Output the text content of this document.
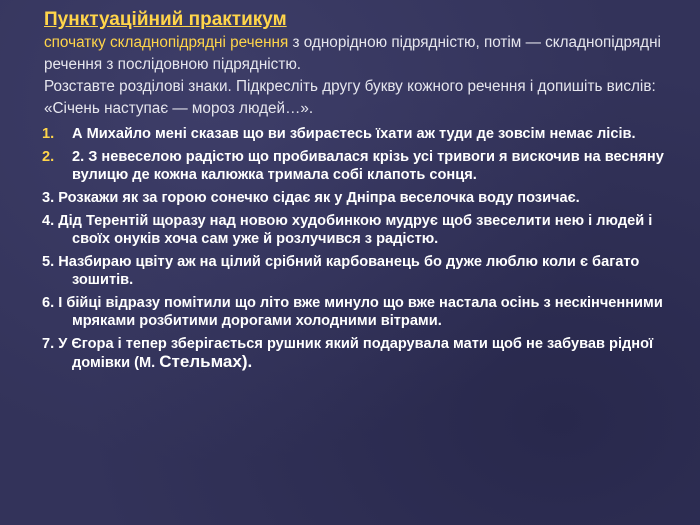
Пунктуаційний практикум
спочатку складнопідрядні речення з однорідною підрядністю, потім — складнопідрядні речення з послідовною підрядністю.
Розставте розділові знаки. Підкресліть другу букву кожного речення і допишіть вислів: «Січень наступає — мороз людей…».
1. А Михайло мені сказав що ви збираєтесь їхати аж туди де зовсім немає лісів.
2. 2. З невеселою радістю що пробивалася крізь усі тривоги я вискочив на весняну вулицю де кожна калюжка тримала собі клапоть сонця.
3. Розкажи як за горою сонечко сідає як у Дніпра веселочка воду позичає.
4. Дід Терентій щоразу над новою худобинкою мудрує щоб звеселити нею і людей і своїх онуків хоча сам уже й розлучився з радістю.
5. Назбираю цвіту аж на цілий срібний карбованець бо дуже люблю коли є багато зошитів.
6. І бійці відразу помітили що літо вже минуло що вже настала осінь з нескінченними мряками розбитими дорогами холодними вітрами.
7. У Єгора і тепер зберігається рушник який подарувала мати щоб не забував рідної домівки (М. Стельмах).
